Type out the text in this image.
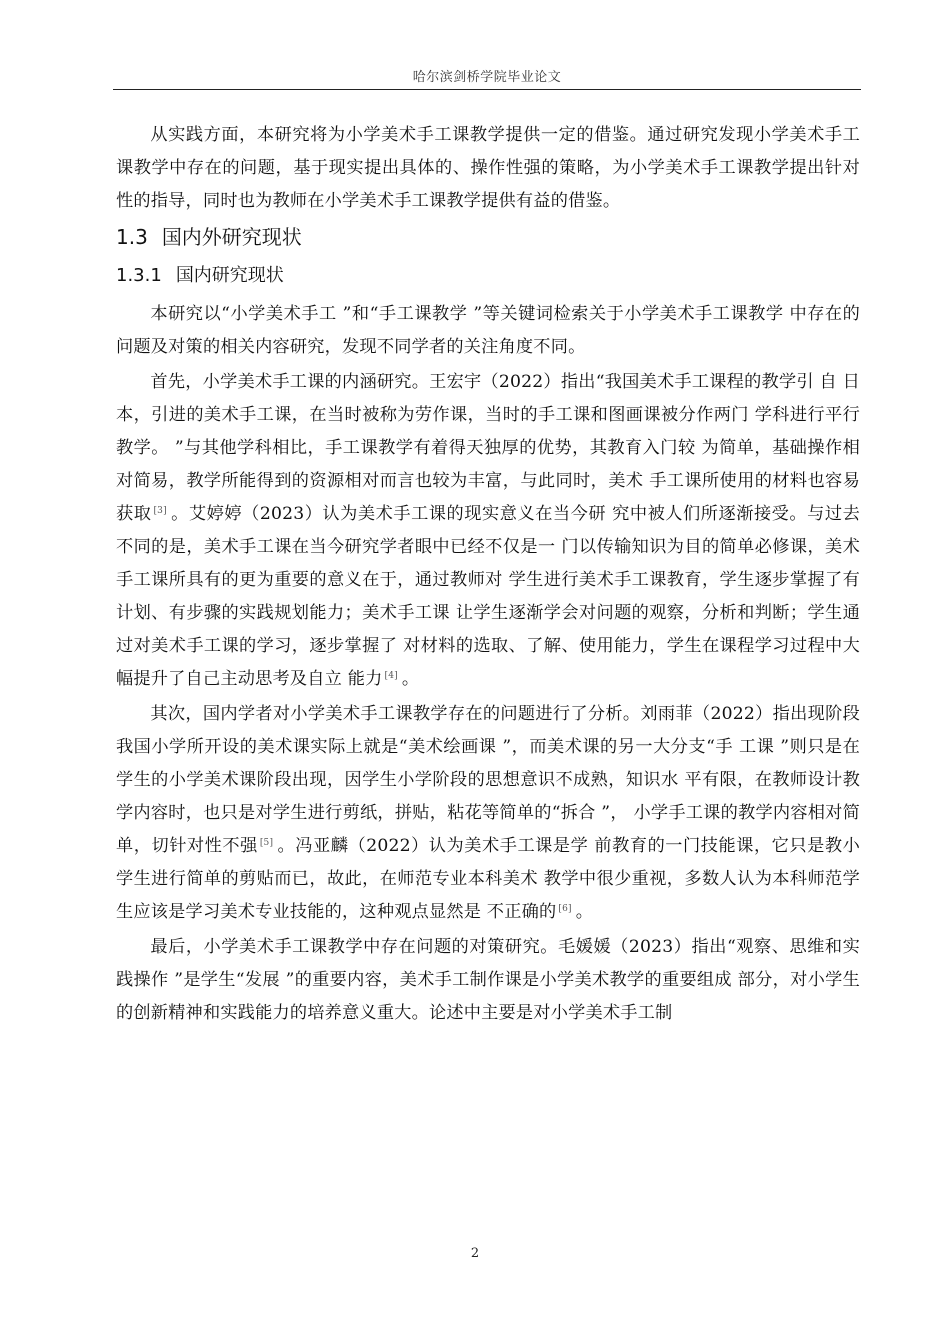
哈尔滨剑桥学院毕业论文

从实践方面，本研究将为小学美术手工课教学提供一定的借鉴。通过研究发现小学美术手工课教学中存在的问题，基于现实提出具体的、操作性强的策略，为小学美术手工课教学提出针对性的指导，同时也为教师在小学美术手工课教学提供有益的借鉴。

1.3 国内外研究现状
1.3.1 国内研究现状

本研究以“小学美术手工 ”和“手工课教学 ”等关键词检索关于小学美术手工课教学 中存在的问题及对策的相关内容研究，发现不同学者的关注角度不同。

首先，小学美术手工课的内涵研究。王宏宇（2022）指出“我国美术手工课程的教学引 自 日本，引进的美术手工课，在当时被称为劳作课，当时的手工课和图画课被分作两门 学科进行平行教学。 ”与其他学科相比，手工课教学有着得天独厚的优势，其教育入门较 为简单，基础操作相对简易，教学所能得到的资源相对而言也较为丰富，与此同时，美术 手工课所使用的材料也容易获取 [3] 。艾婷婷（2023）认为美术手工课的现实意义在当今研 究中被人们所逐渐接受。与过去不同的是，美术手工课在当今研究学者眼中已经不仅是一 门以传输知识为目的简单必修课，美术手工课所具有的更为重要的意义在于，通过教师对 学生进行美术手工课教育，学生逐步掌握了有计划、有步骤的实践规划能力；美术手工课 让学生逐渐学会对问题的观察，分析和判断；学生通过对美术手工课的学习，逐步掌握了 对材料的选取、了解、使用能力，学生在课程学习过程中大幅提升了自己主动思考及自立 能力 [4] 。

其次，国内学者对小学美术手工课教学存在的问题进行了分析。刘雨菲（2022）指出现阶段我国小学所开设的美术课实际上就是“美术绘画课 ”，而美术课的另一大分支“手 工课 ”则只是在学生的小学美术课阶段出现，因学生小学阶段的思想意识不成熟，知识水 平有限，在教师设计教学内容时，也只是对学生进行剪纸，拼贴，粘花等简单的“拆合 ”， 小学手工课的教学内容相对简单，切针对性不强 [5] 。冯亚麟（2022）认为美术手工课是学 前教育的一门技能课，它只是教小学生进行简单的剪贴而已，故此，在师范专业本科美术 教学中很少重视，多数人认为本科师范学生应该是学习美术专业技能的，这种观点显然是 不正确的 [6] 。

最后，小学美术手工课教学中存在问题的对策研究。毛媛媛（2023）指出“观察、思维和实践操作 ”是学生“发展 ”的重要内容，美术手工制作课是小学美术教学的重要组成 部分，对小学生的创新精神和实践能力的培养意义重大。论述中主要是对小学美术手工制

2
